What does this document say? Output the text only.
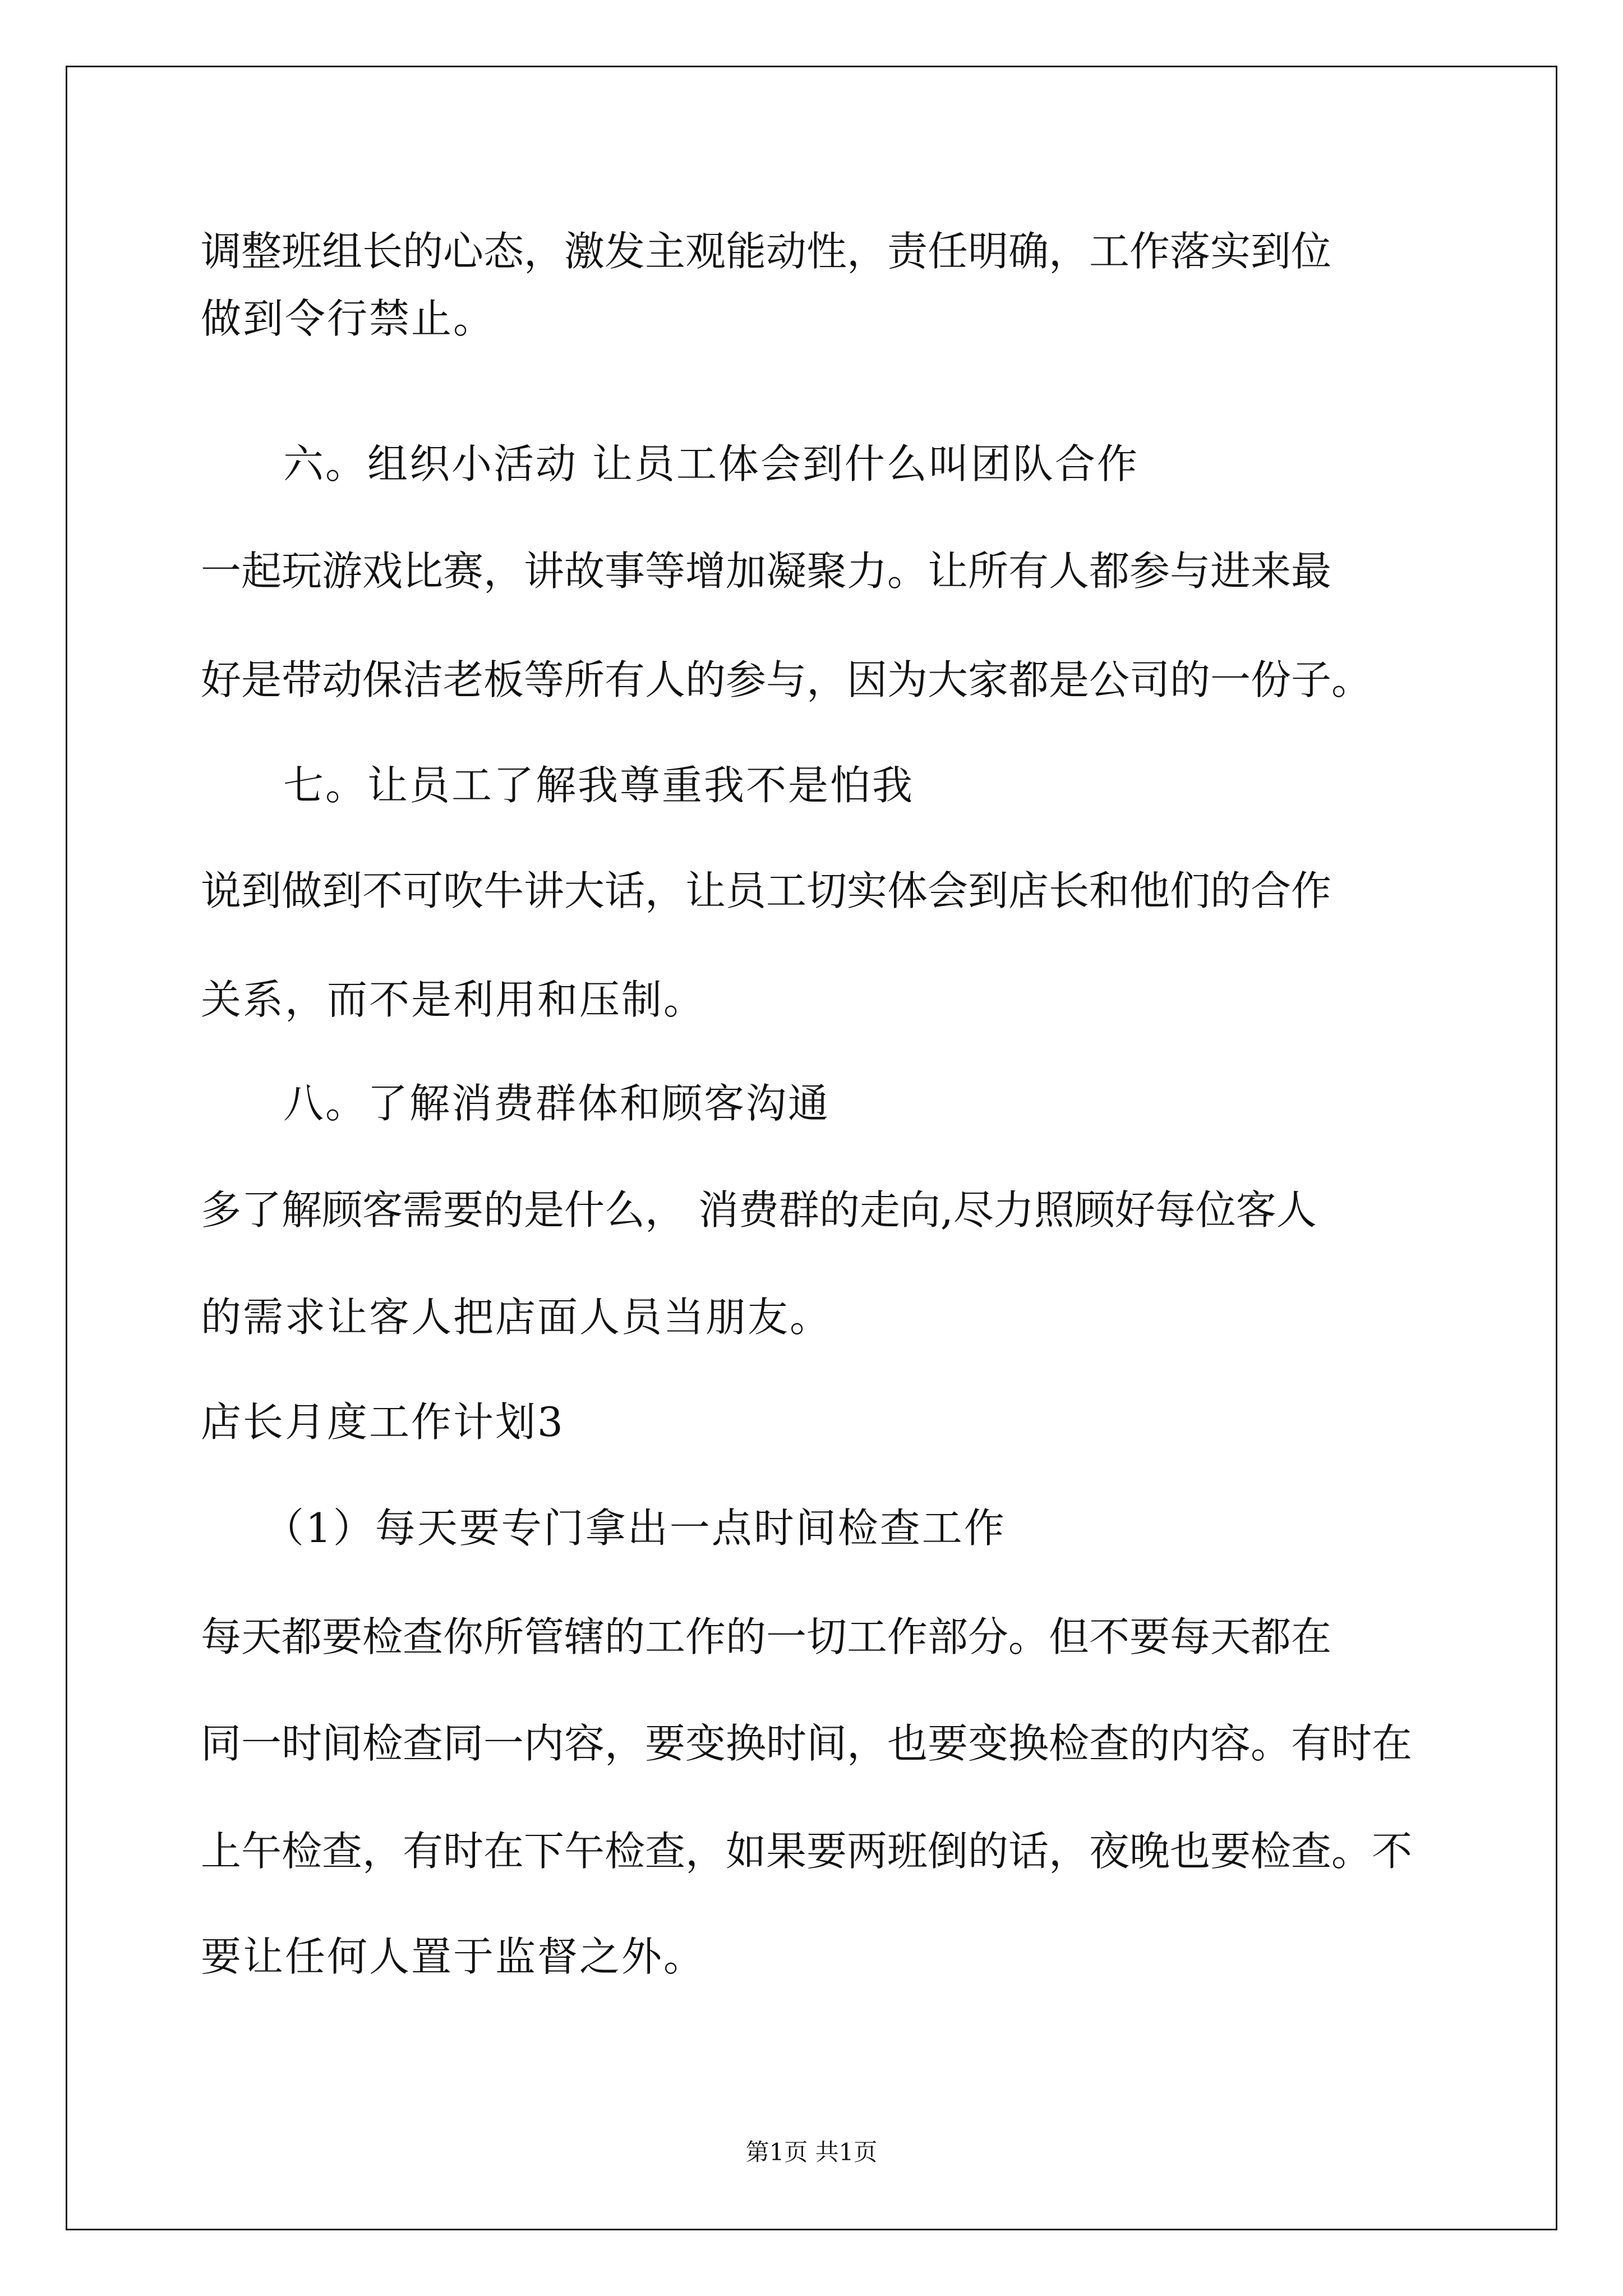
调整班组长的心态，激发主观能动性，责任明确，工作落实到位
做到令行禁止。
六。组织小活动 让员工体会到什么叫团队合作
一起玩游戏比赛，讲故事等增加凝聚力。让所有人都参与进来最
好是带动保洁老板等所有人的参与，因为大家都是公司的一份子。
七。让员工了解我尊重我不是怕我
说到做到不可吹牛讲大话，让员工切实体会到店长和他们的合作
关系，而不是利用和压制。
八。了解消费群体和顾客沟通
多了解顾客需要的是什么， 消费群的走向,尽力照顾好每位客人
的需求让客人把店面人员当朋友。
店长月度工作计划3
（1）每天要专门拿出一点时间检查工作
每天都要检查你所管辖的工作的一切工作部分。但不要每天都在
同一时间检查同一内容，要变换时间，也要变换检查的内容。有时在
上午检查，有时在下午检查，如果要两班倒的话，夜晚也要检查。不
要让任何人置于监督之外。
第1页 共1页
